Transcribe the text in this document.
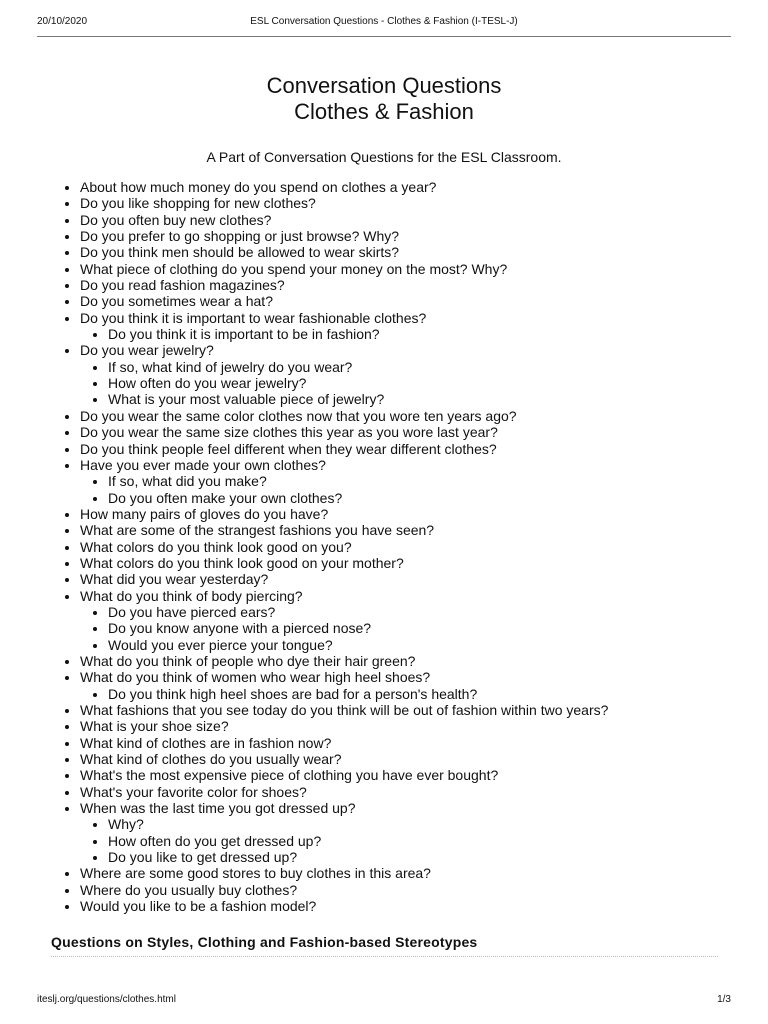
20/10/2020	ESL Conversation Questions - Clothes & Fashion (I-TESL-J)
Conversation Questions
Clothes & Fashion
A Part of Conversation Questions for the ESL Classroom.
• About how much money do you spend on clothes a year?
• Do you like shopping for new clothes?
• Do you often buy new clothes?
• Do you prefer to go shopping or just browse? Why?
• Do you think men should be allowed to wear skirts?
• What piece of clothing do you spend your money on the most? Why?
• Do you read fashion magazines?
• Do you sometimes wear a hat?
• Do you think it is important to wear fashionable clothes?
• Do you think it is important to be in fashion?
• Do you wear jewelry?
• If so, what kind of jewelry do you wear?
• How often do you wear jewelry?
• What is your most valuable piece of jewelry?
• Do you wear the same color clothes now that you wore ten years ago?
• Do you wear the same size clothes this year as you wore last year?
• Do you think people feel different when they wear different clothes?
• Have you ever made your own clothes?
• If so, what did you make?
• Do you often make your own clothes?
• How many pairs of gloves do you have?
• What are some of the strangest fashions you have seen?
• What colors do you think look good on you?
• What colors do you think look good on your mother?
• What did you wear yesterday?
• What do you think of body piercing?
• Do you have pierced ears?
• Do you know anyone with a pierced nose?
• Would you ever pierce your tongue?
• What do you think of people who dye their hair green?
• What do you think of women who wear high heel shoes?
• Do you think high heel shoes are bad for a person's health?
• What fashions that you see today do you think will be out of fashion within two years?
• What is your shoe size?
• What kind of clothes are in fashion now?
• What kind of clothes do you usually wear?
• What's the most expensive piece of clothing you have ever bought?
• What's your favorite color for shoes?
• When was the last time you got dressed up?
• Why?
• How often do you get dressed up?
• Do you like to get dressed up?
• Where are some good stores to buy clothes in this area?
• Where do you usually buy clothes?
• Would you like to be a fashion model?
Questions on Styles, Clothing and Fashion-based Stereotypes
iteslj.org/questions/clothes.html	1/3
